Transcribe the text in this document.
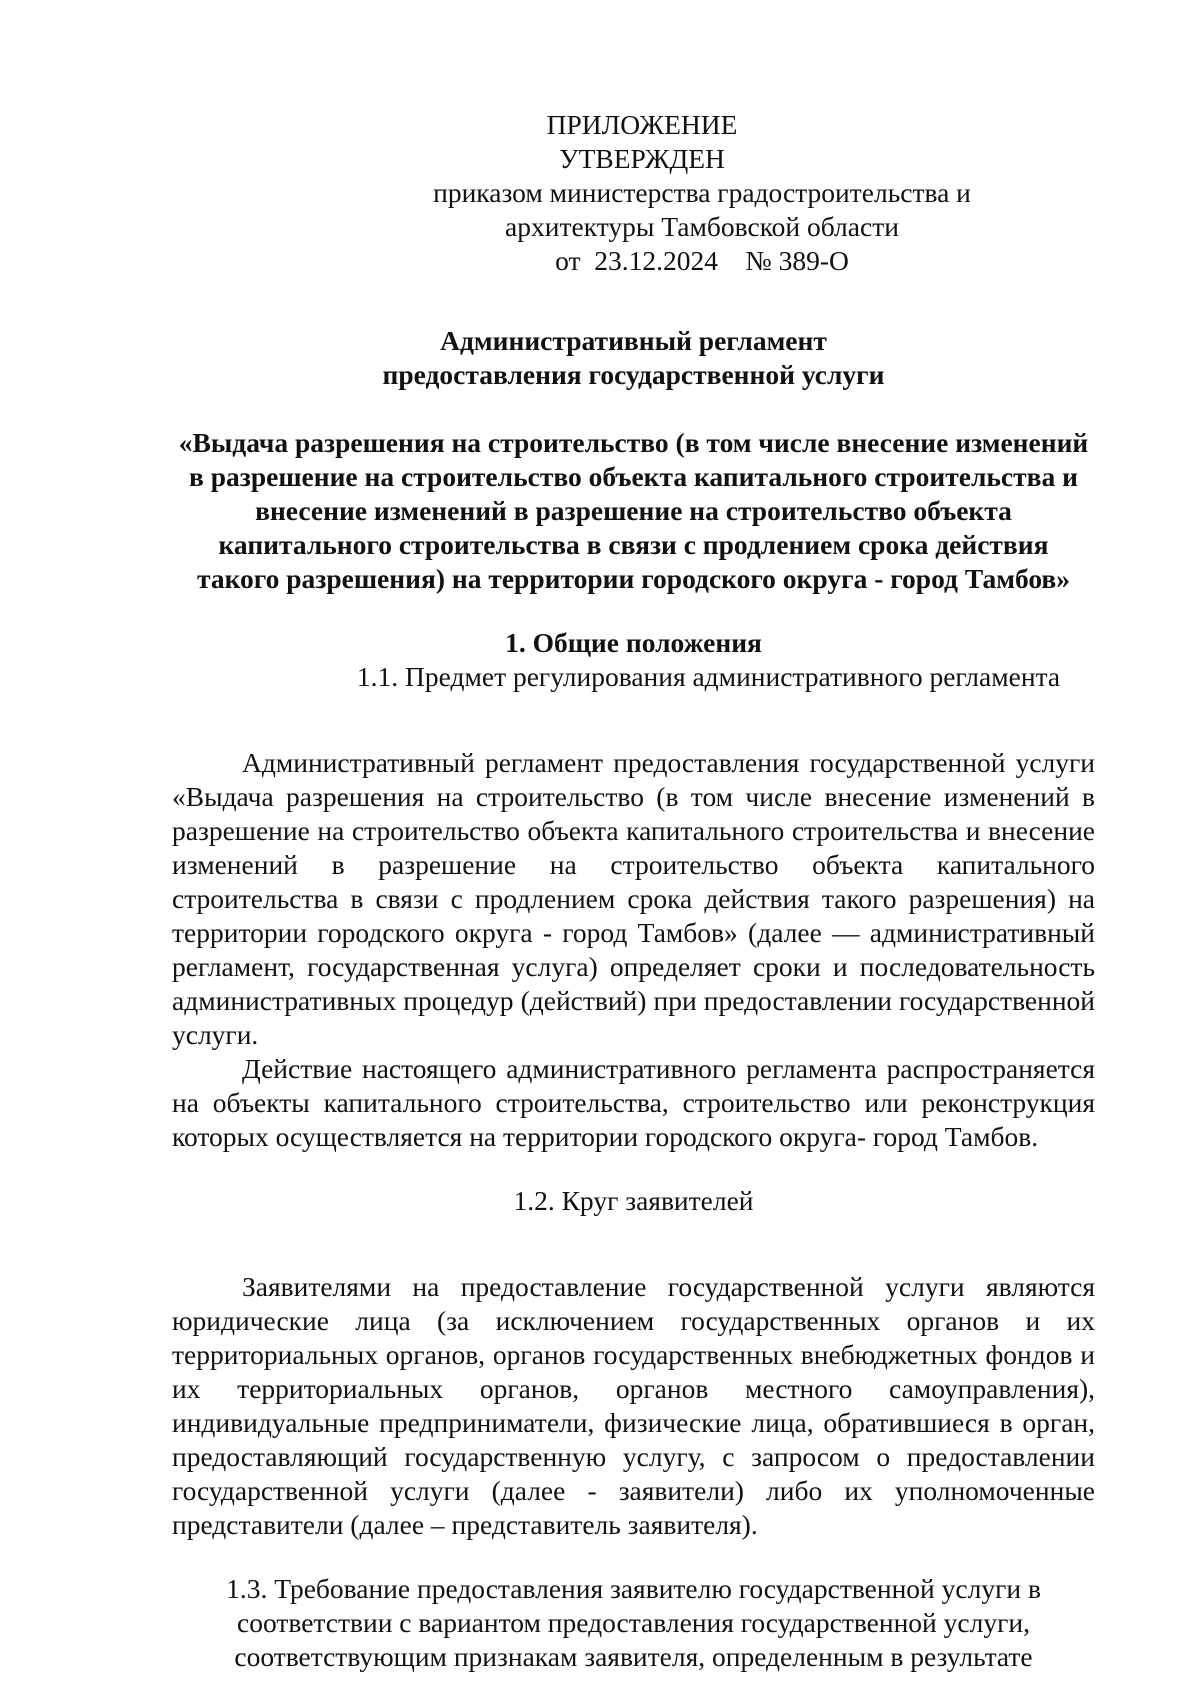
ПРИЛОЖЕНИЕ
УТВЕРЖДЕН
приказом министерства градостроительства и
архитектуры Тамбовской области
от  23.12.2024    № 389-О
Административный регламент
предоставления государственной услуги
«Выдача разрешения на строительство (в том числе внесение изменений
в разрешение на строительство объекта капитального строительства и
внесение изменений в разрешение на строительство объекта
капитального строительства в связи с продлением срока действия
такого разрешения) на территории городского округа - город Тамбов»
1. Общие положения
1.1. Предмет регулирования административного регламента

Административный регламент предоставления государственной услуги «Выдача разрешения на строительство (в том числе внесение изменений в разрешение на строительство объекта капитального строительства и внесение изменений в разрешение на строительство объекта капитального строительства в связи с продлением срока действия такого разрешения) на территории городского округа - город Тамбов» (далее — административный регламент, государственная услуга) определяет сроки и последовательность административных процедур (действий) при предоставлении государственной услуги.

Действие настоящего административного регламента распространяется на объекты капитального строительства, строительство или реконструкция которых осуществляется на территории городского округа- город Тамбов.

1.2. Круг заявителей

Заявителями на предоставление государственной услуги являются юридические лица (за исключением государственных органов и их территориальных органов, органов государственных внебюджетных фондов и их территориальных органов, органов местного самоуправления), индивидуальные предприниматели, физические лица, обратившиеся в орган, предоставляющий государственную услугу, с запросом о предоставлении государственной услуги (далее - заявители) либо их уполномоченные представители (далее – представитель заявителя).

1.3. Требование предоставления заявителю государственной услуги в
соответствии с вариантом предоставления государственной услуги,
соответствующим признакам заявителя, определенным в результате
